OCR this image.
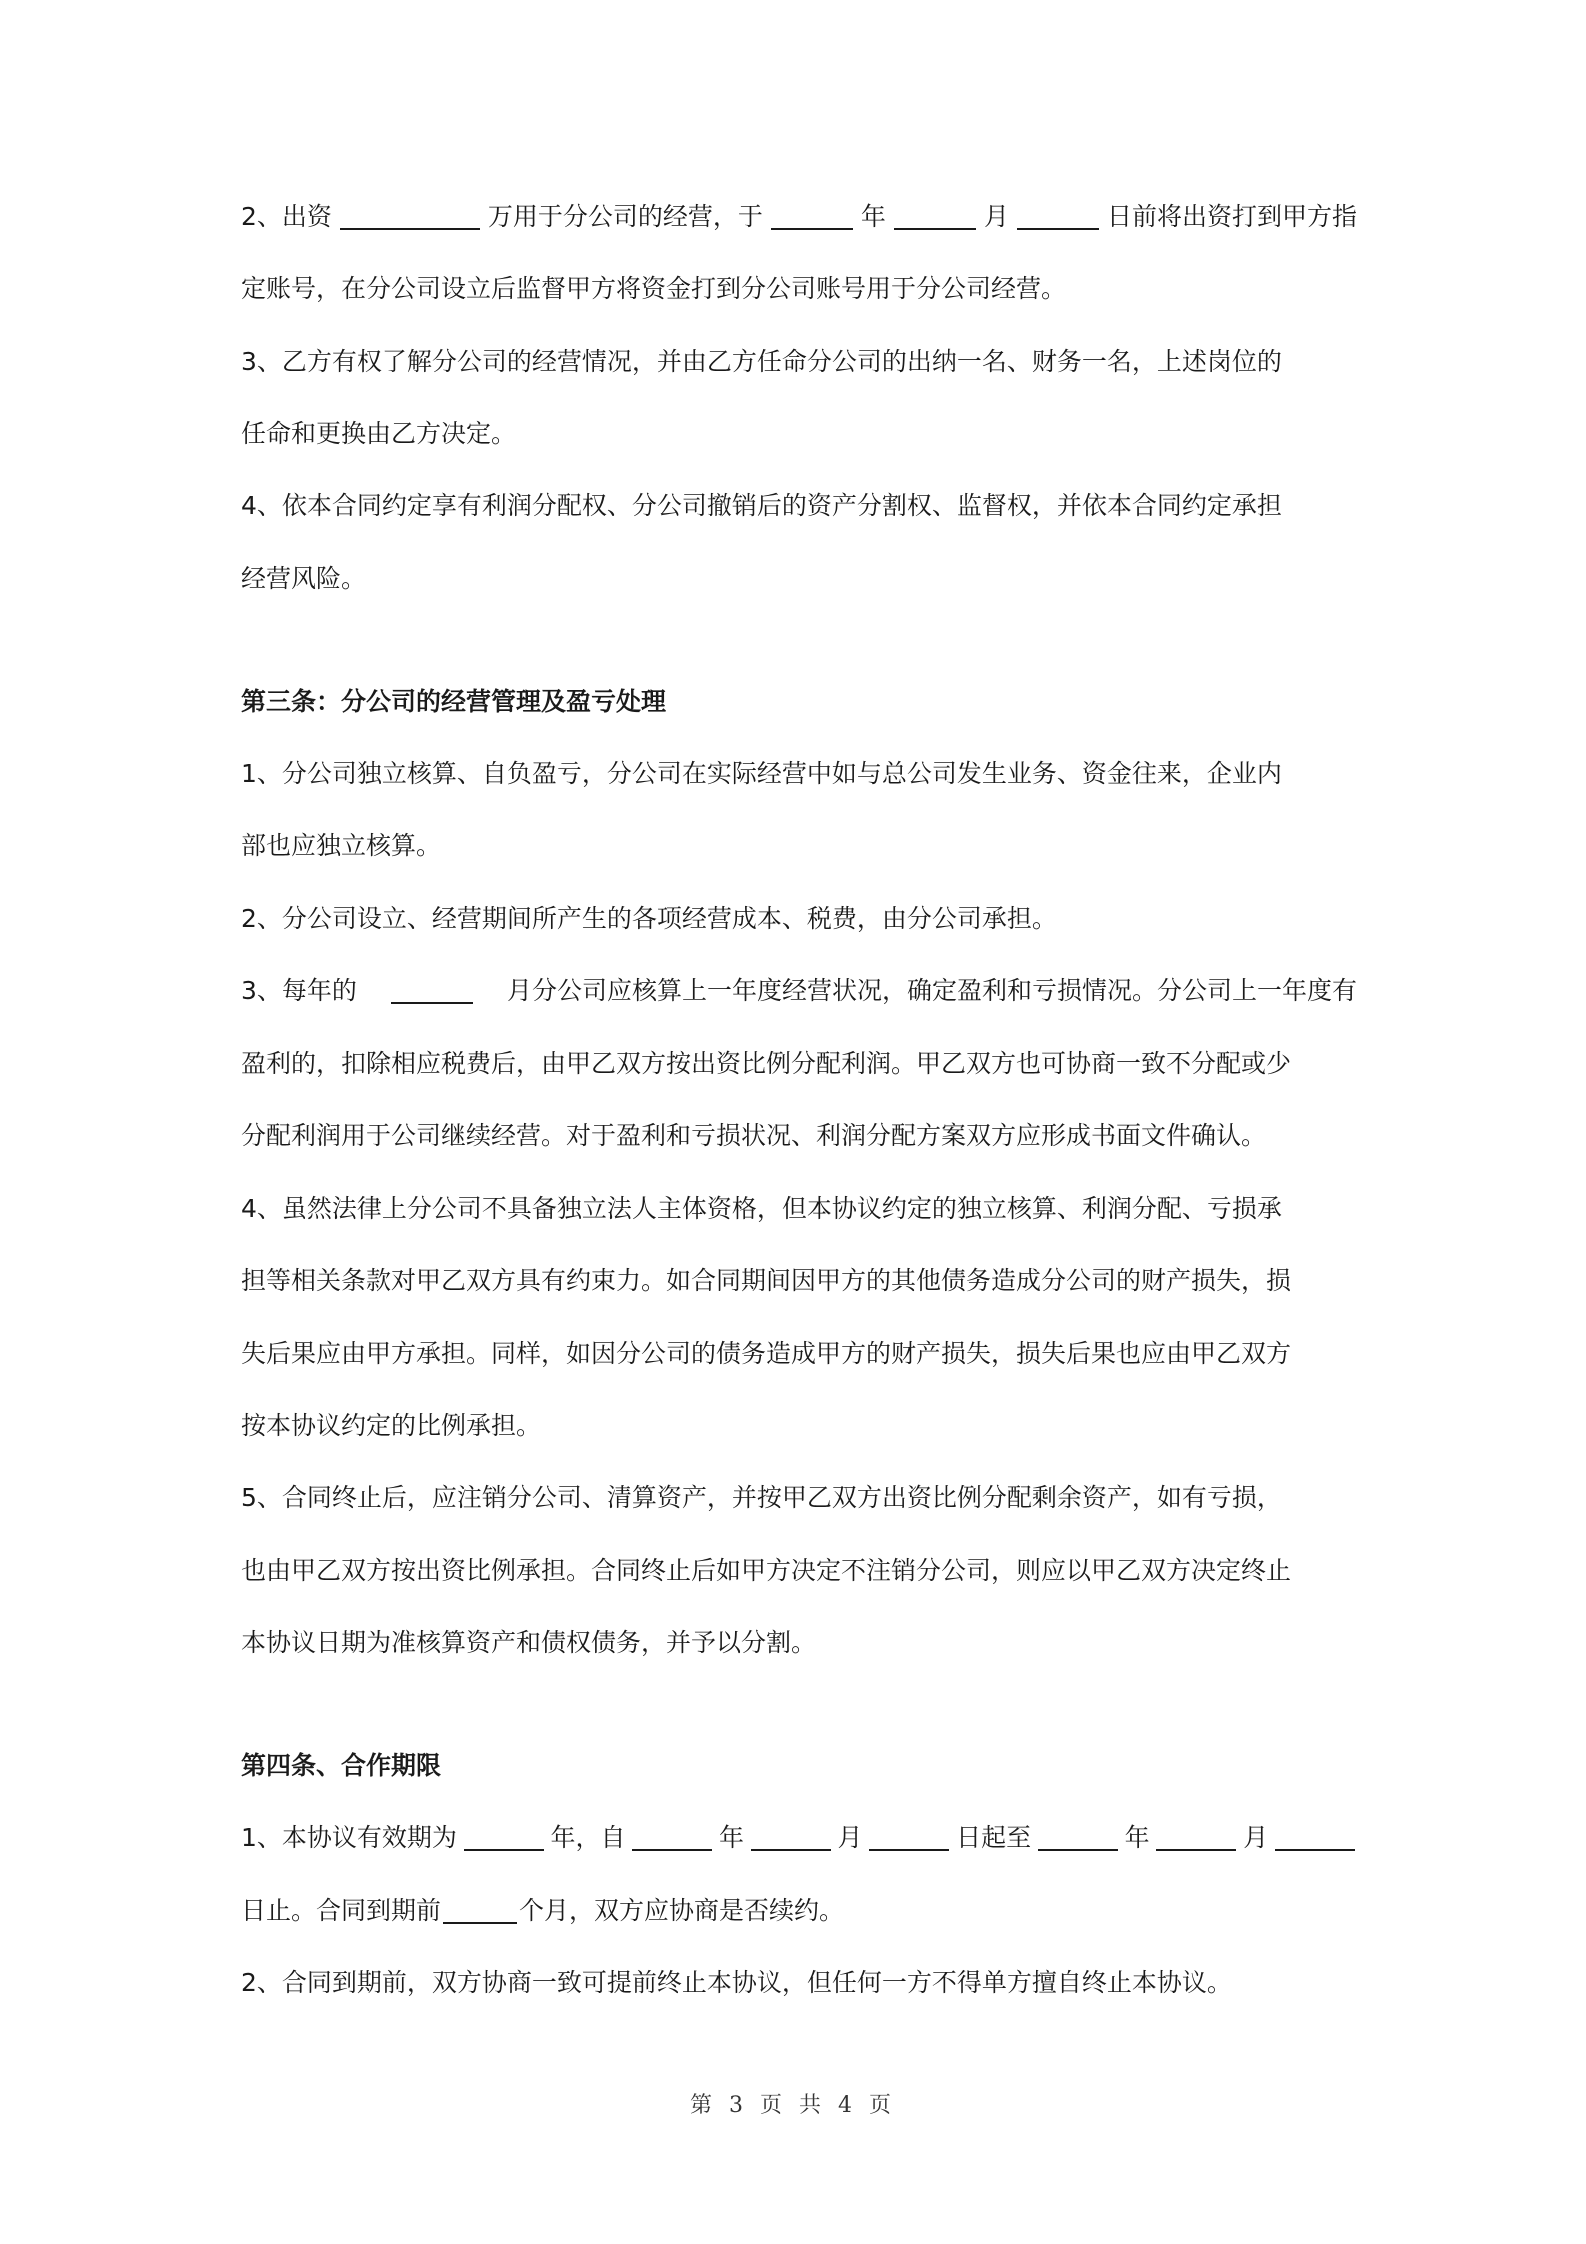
2、出资	万用于分公司的经营，于	年	月	日前将出资打到甲方指
定账号，在分公司设立后监督甲方将资金打到分公司账号用于分公司经营。
3、乙方有权了解分公司的经营情况，并由乙方任命分公司的出纳一名、财务一名，上述岗位的
任命和更换由乙方决定。
4、依本合同约定享有利润分配权、分公司撤销后的资产分割权、监督权，并依本合同约定承担
经营风险。
第三条：分公司的经营管理及盈亏处理
1、分公司独立核算、自负盈亏，分公司在实际经营中如与总公司发生业务、资金往来，企业内
部也应独立核算。
2、分公司设立、经营期间所产生的各项经营成本、税费，由分公司承担。
3、每年的	月分公司应核算上一年度经营状况，确定盈利和亏损情况。分公司上一年度有
盈利的，扣除相应税费后，由甲乙双方按出资比例分配利润。甲乙双方也可协商一致不分配或少
分配利润用于公司继续经营。对于盈利和亏损状况、利润分配方案双方应形成书面文件确认。
4、虽然法律上分公司不具备独立法人主体资格，但本协议约定的独立核算、利润分配、亏损承
担等相关条款对甲乙双方具有约束力。如合同期间因甲方的其他债务造成分公司的财产损失，损
失后果应由甲方承担。同样，如因分公司的债务造成甲方的财产损失，损失后果也应由甲乙双方
按本协议约定的比例承担。
5、合同终止后，应注销分公司、清算资产，并按甲乙双方出资比例分配剩余资产，如有亏损，
也由甲乙双方按出资比例承担。合同终止后如甲方决定不注销分公司，则应以甲乙双方决定终止
本协议日期为准核算资产和债权债务，并予以分割。
第四条、合作期限
1、本协议有效期为	年，自	年	月	日起至	年	月
日止。合同到期前	个月，双方应协商是否续约。
2、合同到期前，双方协商一致可提前终止本协议，但任何一方不得单方擅自终止本协议。
第 3 页 共 4 页
